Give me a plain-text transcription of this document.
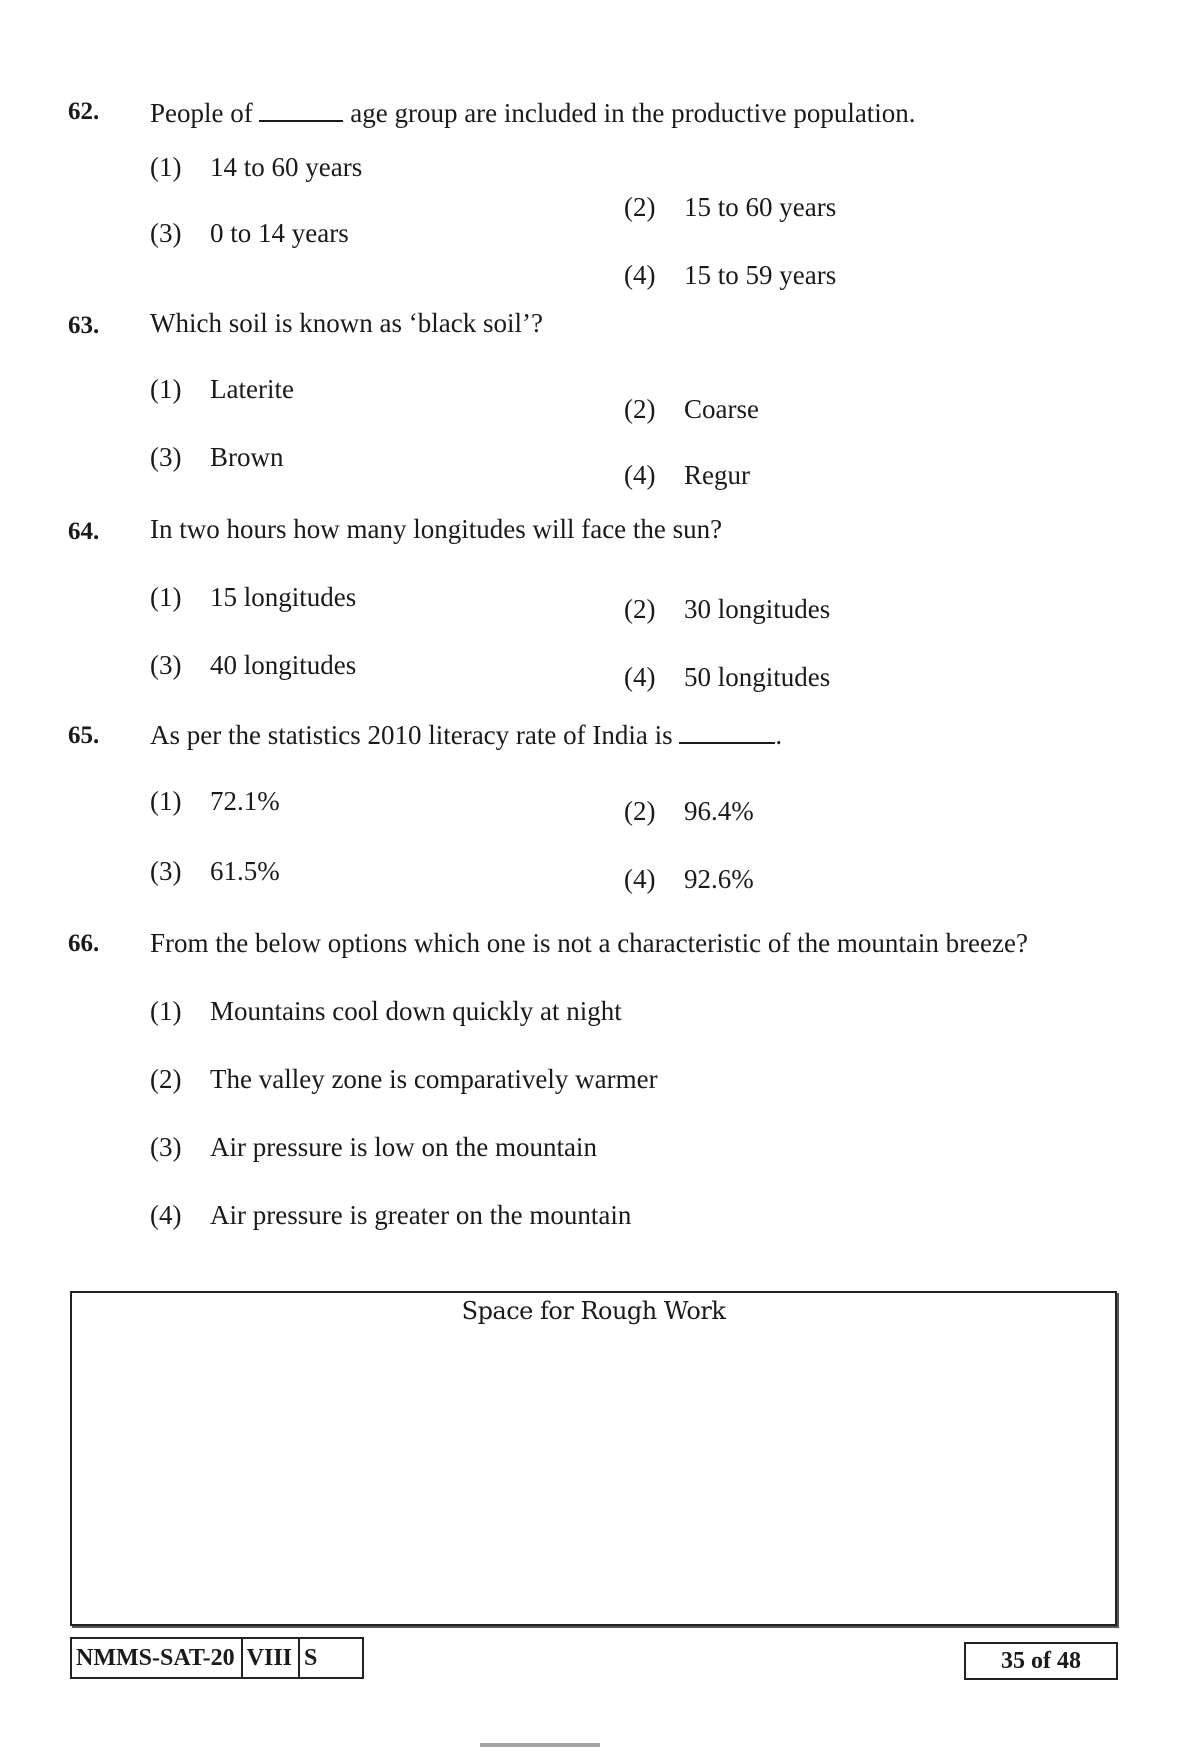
62. People of	age group are included in the productive population.
(1) 14 to 60 years
(2) 15 to 60 years
(3) 0 to 14 years
(4) 15 to 59 years
63. Which soil is known as ‘black soil’?
(1) Laterite
(2) Coarse
(3) Brown
(4) Regur
64. In two hours how many longitudes will face the sun?
(1) 15 longitudes	(2) 30 longitudes
(3) 40 longitudes	(4) 50 longitudes
65. As per the statistics 2010 literacy rate of India is	.
(1) 72.1%	(2) 96.4%
(3) 61.5%	(4) 92.6%
66. From the below options which one is not a characteristic of the mountain breeze?
(1) Mountains cool down quickly at night
(2) The valley zone is comparatively warmer
(3) Air pressure is low on the mountain
(4) Air pressure is greater on the mountain
Space for Rough Work
NMMS-SAT-20 VIII S	35 of 48
